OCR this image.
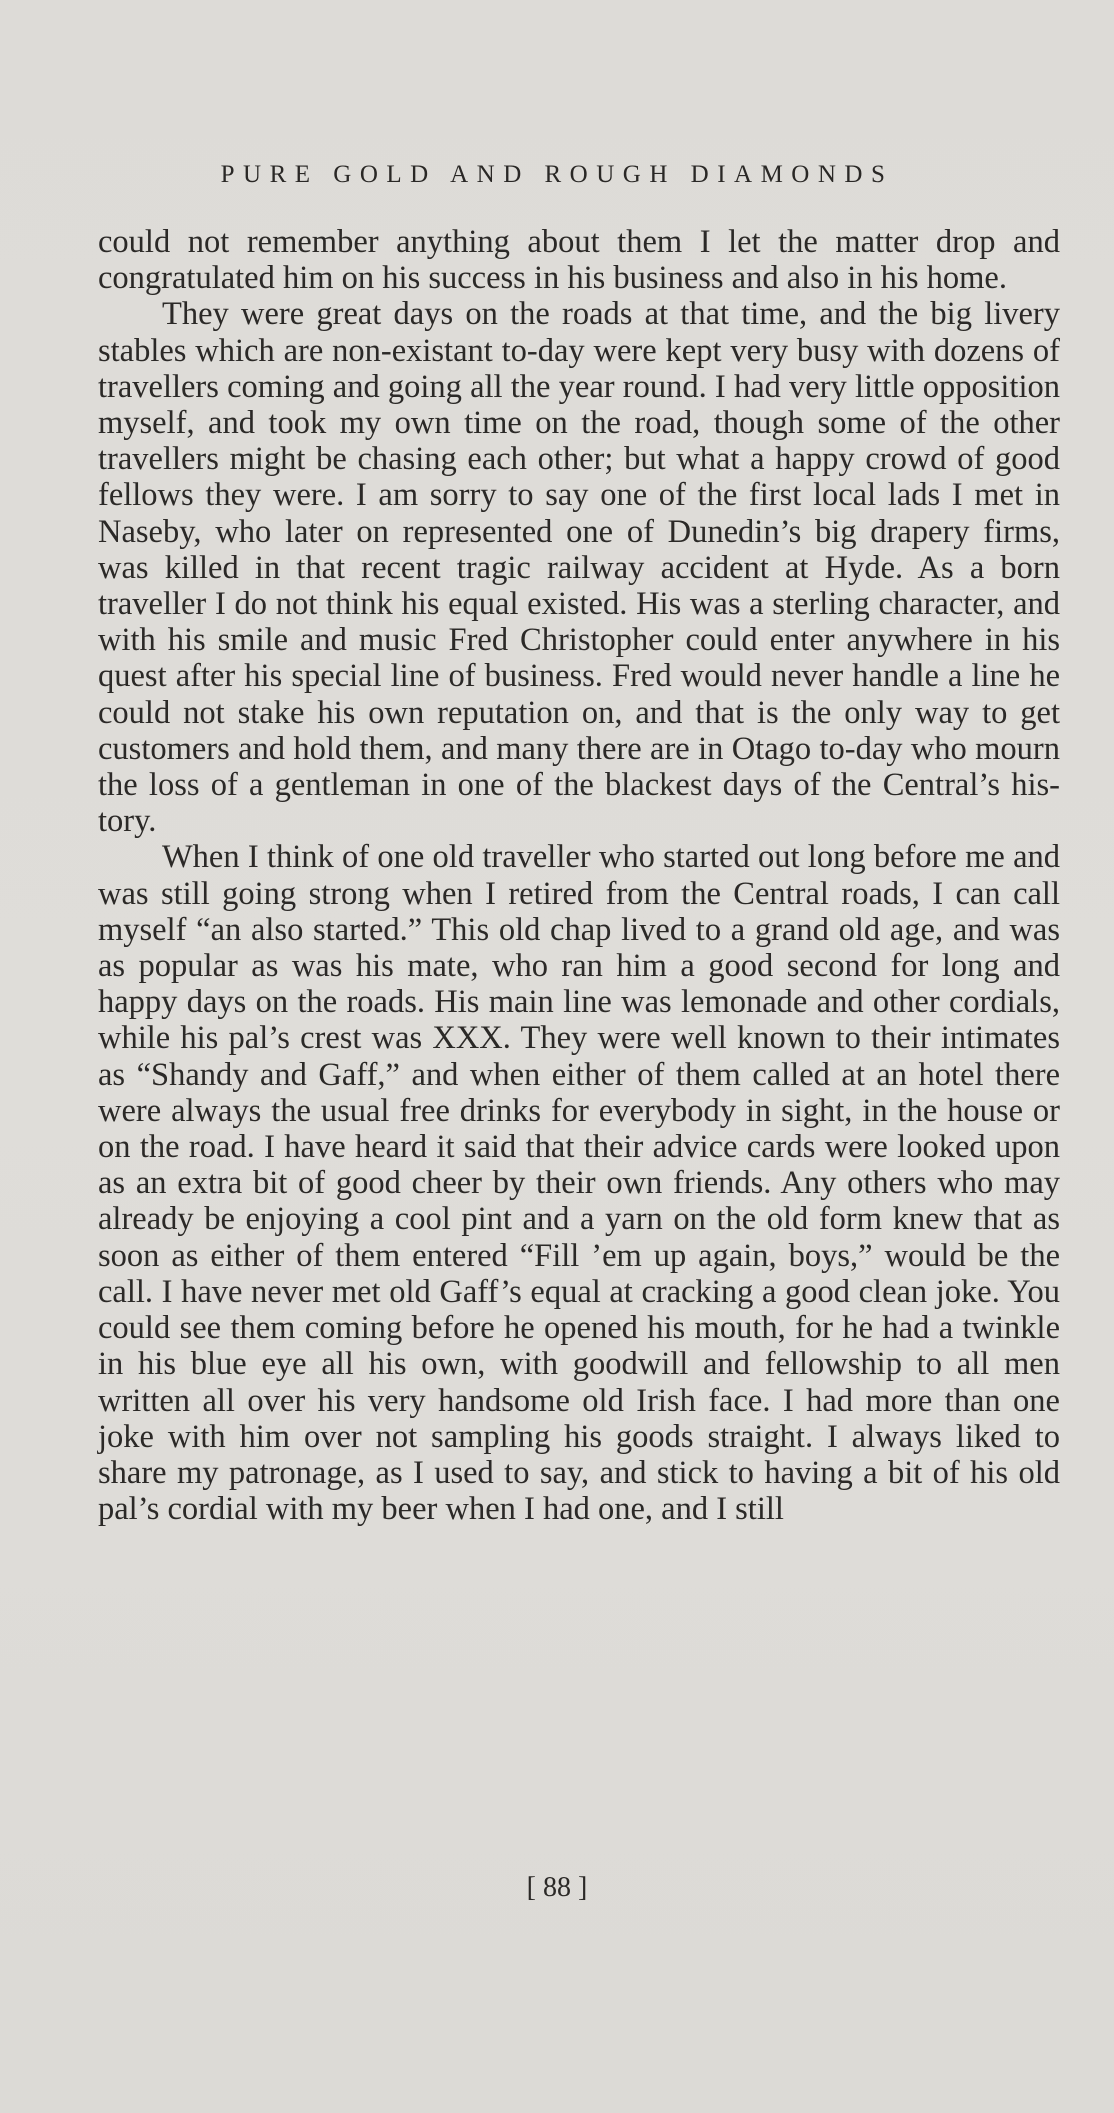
PURE GOLD AND ROUGH DIAMONDS

could not remember anything about them I let the matter drop and congratulated him on his success in his business and also in his home.

They were great days on the roads at that time, and the big livery stables which are non-existant to-day were kept very busy with dozens of travellers coming and going all the year round. I had very little opposition myself, and took my own time on the road, though some of the other travellers might be chasing each other; but what a happy crowd of good fellows they were. I am sorry to say one of the first local lads I met in Naseby, who later on represented one of Dunedin’s big drapery firms, was killed in that recent tragic railway accident at Hyde. As a born traveller I do not think his equal existed. His was a sterling character, and with his smile and music Fred Christopher could enter anywhere in his quest after his special line of business. Fred would never handle a line he could not stake his own reputation on, and that is the only way to get customers and hold them, and many there are in Otago to-day who mourn the loss of a gentleman in one of the blackest days of the Central’s history.

When I think of one old traveller who started out long before me and was still going strong when I retired from the Central roads, I can call myself “an also started.” This old chap lived to a grand old age, and was as popular as was his mate, who ran him a good second for long and happy days on the roads. His main line was lemonade and other cordials, while his pal’s crest was XXX. They were well known to their intimates as “Shandy and Gaff,” and when either of them called at an hotel there were always the usual free drinks for everybody in sight, in the house or on the road. I have heard it said that their advice cards were looked upon as an extra bit of good cheer by their own friends. Any others who may already be enjoying a cool pint and a yarn on the old form knew that as soon as either of them entered “Fill ’em up again, boys,” would be the call. I have never met old Gaff’s equal at cracking a good clean joke. You could see them coming before he opened his mouth, for he had a twinkle in his blue eye all his own, with goodwill and fellowship to all men written all over his very handsome old Irish face. I had more than one joke with him over not sampling his goods straight. I always liked to share my patronage, as I used to say, and stick to having a bit of his old pal’s cordial with my beer when I had one, and I still

[ 88 ]
